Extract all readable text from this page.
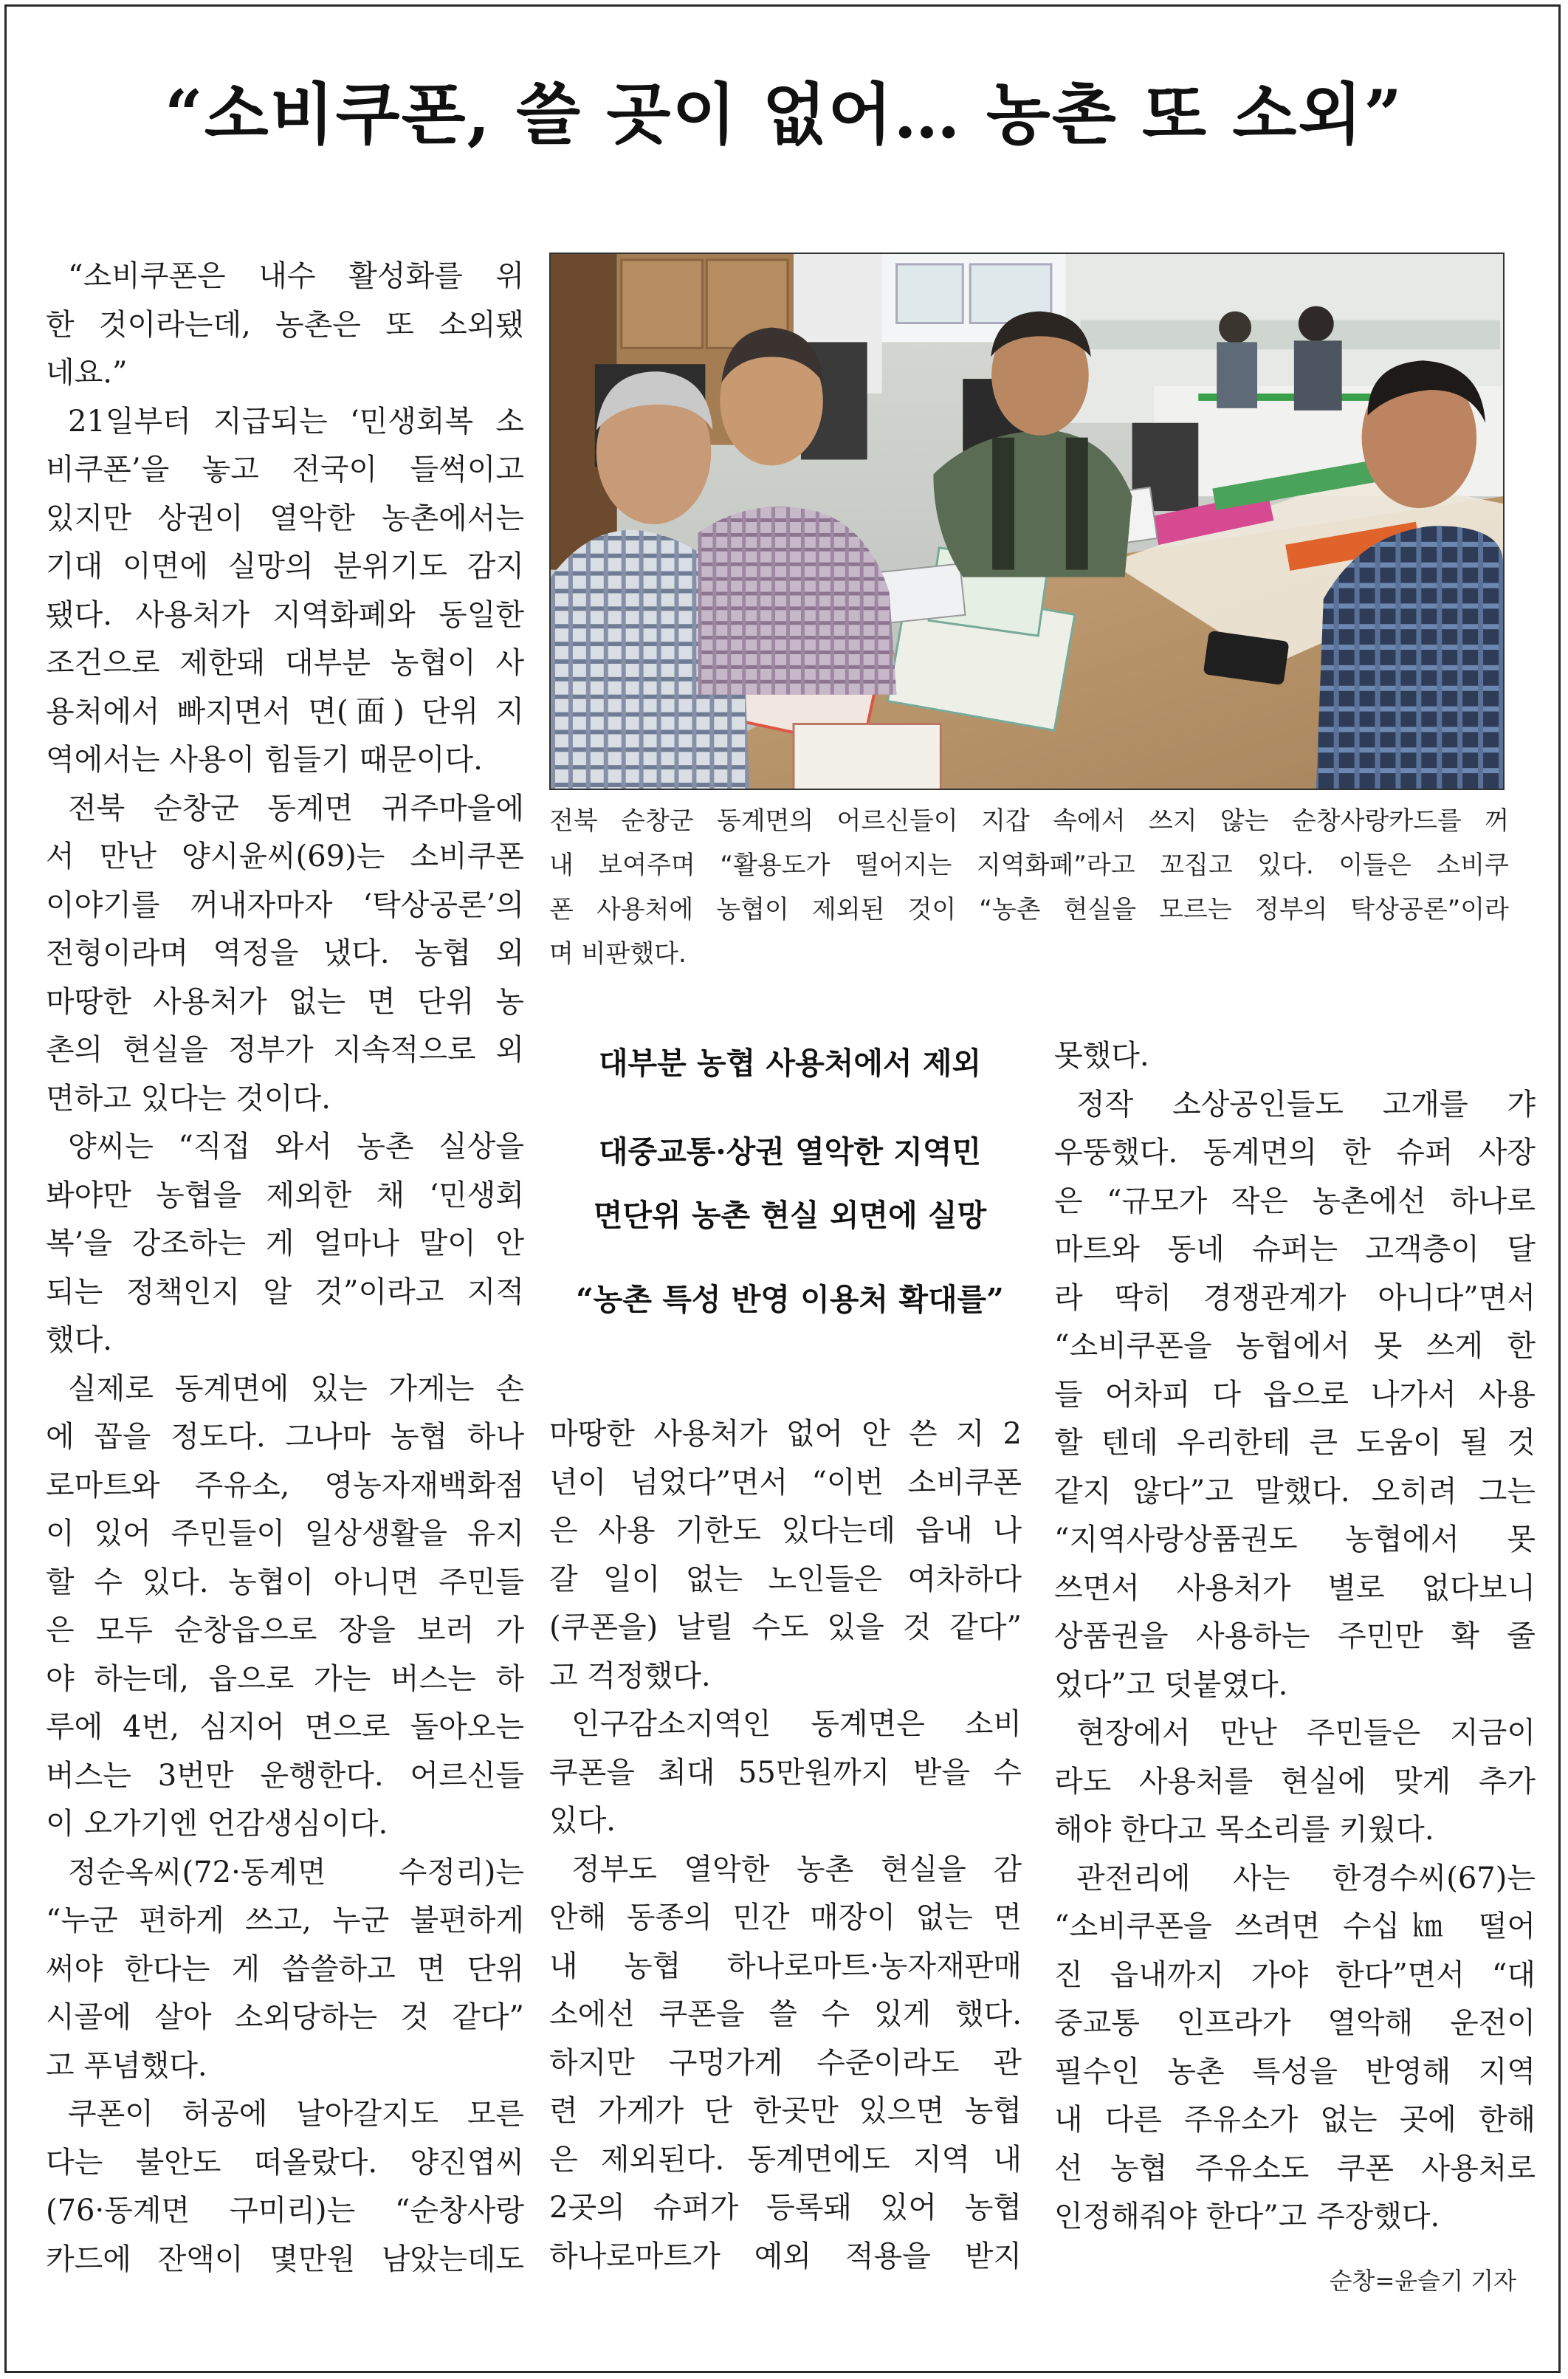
“소비쿠폰, 쓸 곳이 없어… 농촌 또 소외”
“소비쿠폰은 내수 활성화를 위
한 것이라는데, 농촌은 또 소외됐
네요.”
21일부터 지급되는 ‘민생회복 소
비쿠폰’을 놓고 전국이 들썩이고
있지만 상권이 열악한 농촌에서는
기대 이면에 실망의 분위기도 감지
됐다. 사용처가 지역화폐와 동일한
조건으로 제한돼 대부분 농협이 사
용처에서 빠지면서 면(面) 단위 지
역에서는 사용이 힘들기 때문이다.
전북 순창군 동계면 귀주마을에
서 만난 양시윤씨(69)는 소비쿠폰
이야기를 꺼내자마자 ‘탁상공론’의
전형이라며 역정을 냈다. 농협 외
마땅한 사용처가 없는 면 단위 농
촌의 현실을 정부가 지속적으로 외
면하고 있다는 것이다.
양씨는 “직접 와서 농촌 실상을
봐야만 농협을 제외한 채 ‘민생회
복’을 강조하는 게 얼마나 말이 안
되는 정책인지 알 것”이라고 지적
했다.
실제로 동계면에 있는 가게는 손
에 꼽을 정도다. 그나마 농협 하나
로마트와 주유소, 영농자재백화점
이 있어 주민들이 일상생활을 유지
할 수 있다. 농협이 아니면 주민들
은 모두 순창읍으로 장을 보러 가
야 하는데, 읍으로 가는 버스는 하
루에 4번, 심지어 면으로 돌아오는
버스는 3번만 운행한다. 어르신들
이 오가기엔 언감생심이다.
정순옥씨(72·동계면 수정리)는
“누군 편하게 쓰고, 누군 불편하게
써야 한다는 게 씁쓸하고 면 단위
시골에 살아 소외당하는 것 같다”
고 푸념했다.
쿠폰이 허공에 날아갈지도 모른
다는 불안도 떠올랐다. 양진엽씨
(76·동계면 구미리)는 “순창사랑
카드에 잔액이 몇만원 남았는데도
전북 순창군 동계면의 어르신들이 지갑 속에서 쓰지 않는 순창사랑카드를 꺼
내 보여주며 “활용도가 떨어지는 지역화폐”라고 꼬집고 있다. 이들은 소비쿠
폰 사용처에 농협이 제외된 것이 “농촌 현실을 모르는 정부의 탁상공론”이라
며 비판했다.
대부분 농협 사용처에서 제외
대중교통·상권 열악한 지역민
면단위 농촌 현실 외면에 실망
“농촌 특성 반영 이용처 확대를”
마땅한 사용처가 없어 안 쓴 지 2
년이 넘었다”면서 “이번 소비쿠폰
은 사용 기한도 있다는데 읍내 나
갈 일이 없는 노인들은 여차하다
(쿠폰을) 날릴 수도 있을 것 같다”
고 걱정했다.
인구감소지역인 동계면은 소비
쿠폰을 최대 55만원까지 받을 수
있다.
정부도 열악한 농촌 현실을 감
안해 동종의 민간 매장이 없는 면
내 농협 하나로마트·농자재판매
소에선 쿠폰을 쓸 수 있게 했다.
하지만 구멍가게 수준이라도 관
련 가게가 단 한곳만 있으면 농협
은 제외된다. 동계면에도 지역 내
2곳의 슈퍼가 등록돼 있어 농협
하나로마트가 예외 적용을 받지
못했다.
정작 소상공인들도 고개를 갸
우뚱했다. 동계면의 한 슈퍼 사장
은 “규모가 작은 농촌에선 하나로
마트와 동네 슈퍼는 고객층이 달
라 딱히 경쟁관계가 아니다”면서
“소비쿠폰을 농협에서 못 쓰게 한
들 어차피 다 읍으로 나가서 사용
할 텐데 우리한테 큰 도움이 될 것
같지 않다”고 말했다. 오히려 그는
“지역사랑상품권도 농협에서 못
쓰면서 사용처가 별로 없다보니
상품권을 사용하는 주민만 확 줄
었다”고 덧붙였다.
현장에서 만난 주민들은 지금이
라도 사용처를 현실에 맞게 추가
해야 한다고 목소리를 키웠다.
관전리에 사는 한경수씨(67)는
“소비쿠폰을 쓰려면 수십㎞ 떨어
진 읍내까지 가야 한다”면서 “대
중교통 인프라가 열악해 운전이
필수인 농촌 특성을 반영해 지역
내 다른 주유소가 없는 곳에 한해
선 농협 주유소도 쿠폰 사용처로
인정해줘야 한다”고 주장했다.
순창=윤슬기 기자
